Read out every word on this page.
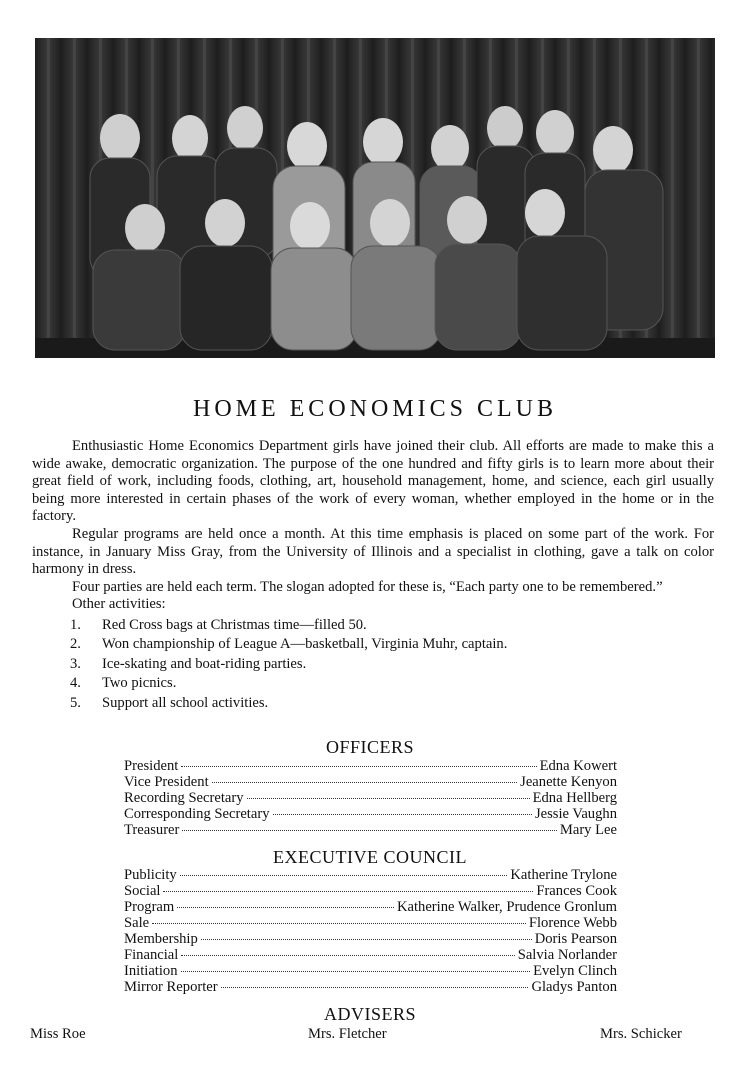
HOME ECONOMICS CLUB

Enthusiastic Home Economics Department girls have joined their club. All efforts are made to make this a wide awake, democratic organization. The purpose of the one hundred and fifty girls is to learn more about their great field of work, including foods, clothing, art, household management, home, and science, each girl usually being more interested in certain phases of the work of every woman, whether employed in the home or in the factory.

Regular programs are held once a month. At this time emphasis is placed on some part of the work. For instance, in January Miss Gray, from the University of Illinois and a specialist in clothing, gave a talk on color harmony in dress.

Four parties are held each term. The slogan adopted for these is, “Each party one to be remembered.”

Other activities:

1.	Red Cross bags at Christmas time—filled 50.
2.	Won championship of League A—basketball, Virginia Muhr, captain.
3.	Ice-skating and boat-riding parties.
4.	Two picnics.
5.	Support all school activities.
OFFICERS
President	Edna Kowert
Vice President	Jeanette Kenyon
Recording Secretary	Edna Hellberg
Corresponding Secretary	Jessie Vaughn
Treasurer	Mary Lee
EXECUTIVE COUNCIL
Publicity	Katherine Trylone
Social	Frances Cook
Program	Katherine Walker, Prudence Gronlum
Sale	Florence Webb
Membership	Doris Pearson
Financial	Salvia Norlander
Initiation	Evelyn Clinch
Mirror Reporter	Gladys Panton
ADVISERS
Miss Roe	Mrs. Fletcher	Mrs. Schicker
